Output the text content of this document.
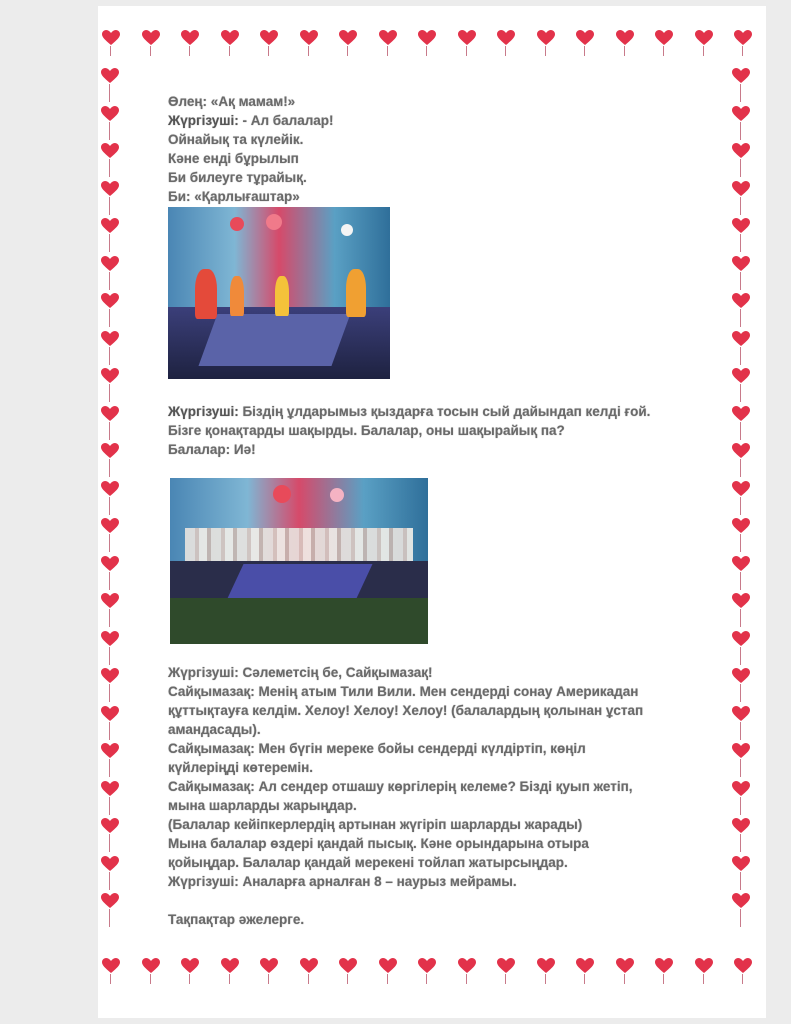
Өлең: «Ақ мамам!»

Жүргізуші: - Ал балалар!

Ойнайық та күлейік.

Кәне енді бұрылып

Би билеуге тұрайық.

Би: «Қарлығаштар»

Жүргізуші: Біздің ұлдарымыз қыздарға тосын сый дайындап келді ғой.

Бізге қонақтарды шақырды. Балалар, оны шақырайық па?

Балалар: Иә!

Жүргізуші: Сәлеметсің бе, Сайқымазақ!

Сайқымазақ: Менің атым Тили Вили. Мен сендерді сонау Америкадан

құттықтауға келдім. Хелоу! Хелоу! Хелоу! (балалардың қолынан ұстап

амандасады).

Сайқымазақ: Мен бүгін мереке бойы сендерді күлдіртіп, көңіл

күйлеріңді көтеремін.

Сайқымазақ: Ал сендер отшашу көргілерің келеме? Бізді қуып жетіп,

мына шарларды жарыңдар.

(Балалар кейіпкерлердің артынан жүгіріп шарларды жарады)

Мына балалар өздері қандай пысық. Кәне орындарына отыра

қойыңдар. Балалар қандай мерекені тойлап жатырсыңдар.

Жүргізуші: Аналарға арналған 8 – наурыз мейрамы.

Тақпақтар әжелерге.
